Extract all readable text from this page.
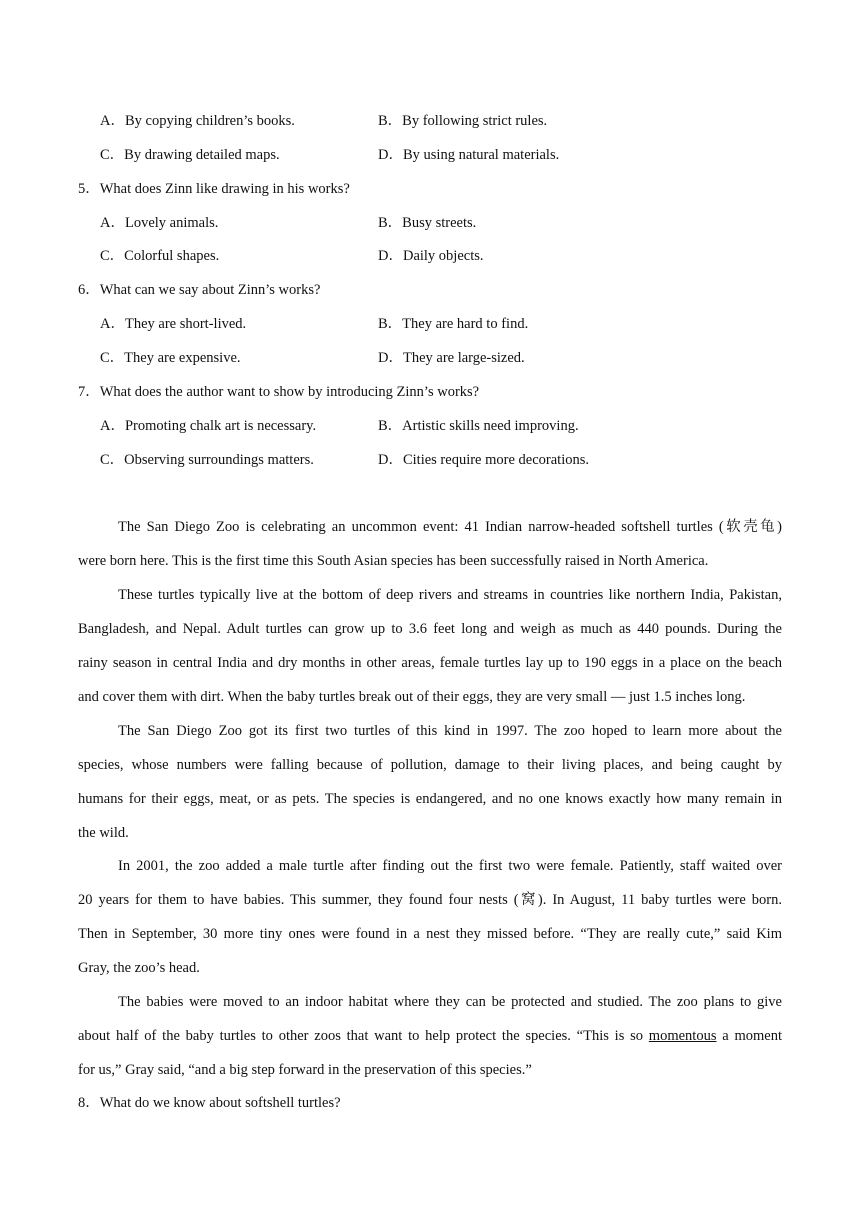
A．By copying children’s books.	B．By following strict rules.
C．By drawing detailed maps.	D．By using natural materials.
5．What does Zinn like drawing in his works?
A．Lovely animals.	B．Busy streets.
C．Colorful shapes.	D．Daily objects.
6．What can we say about Zinn’s works?
A．They are short-lived.	B．They are hard to find.
C．They are expensive.	D．They are large-sized.
7．What does the author want to show by introducing Zinn’s works?
A．Promoting chalk art is necessary.	B．Artistic skills need improving.
C．Observing surroundings matters.	D．Cities require more decorations.
The San Diego Zoo is celebrating an uncommon event: 41 Indian narrow-headed softshell turtles (软壳龟)
were born here. This is the first time this South Asian species has been successfully raised in North America.
These turtles typically live at the bottom of deep rivers and streams in countries like northern India, Pakistan,
Bangladesh, and Nepal. Adult turtles can grow up to 3.6 feet long and weigh as much as 440 pounds. During the
rainy season in central India and dry months in other areas, female turtles lay up to 190 eggs in a place on the beach
and cover them with dirt. When the baby turtles break out of their eggs, they are very small — just 1.5 inches long.
The San Diego Zoo got its first two turtles of this kind in 1997. The zoo hoped to learn more about the
species, whose numbers were falling because of pollution, damage to their living places, and being caught by
humans for their eggs, meat, or as pets. The species is endangered, and no one knows exactly how many remain in
the wild.
In 2001, the zoo added a male turtle after finding out the first two were female. Patiently, staff waited over
20 years for them to have babies. This summer, they found four nests (窝). In August, 11 baby turtles were born.
Then in September, 30 more tiny ones were found in a nest they missed before. “They are really cute,” said Kim
Gray, the zoo’s head.
The babies were moved to an indoor habitat where they can be protected and studied. The zoo plans to give
about half of the baby turtles to other zoos that want to help protect the species. “This is so momentous a moment
for us,” Gray said, “and a big step forward in the preservation of this species.”
8．What do we know about softshell turtles?
